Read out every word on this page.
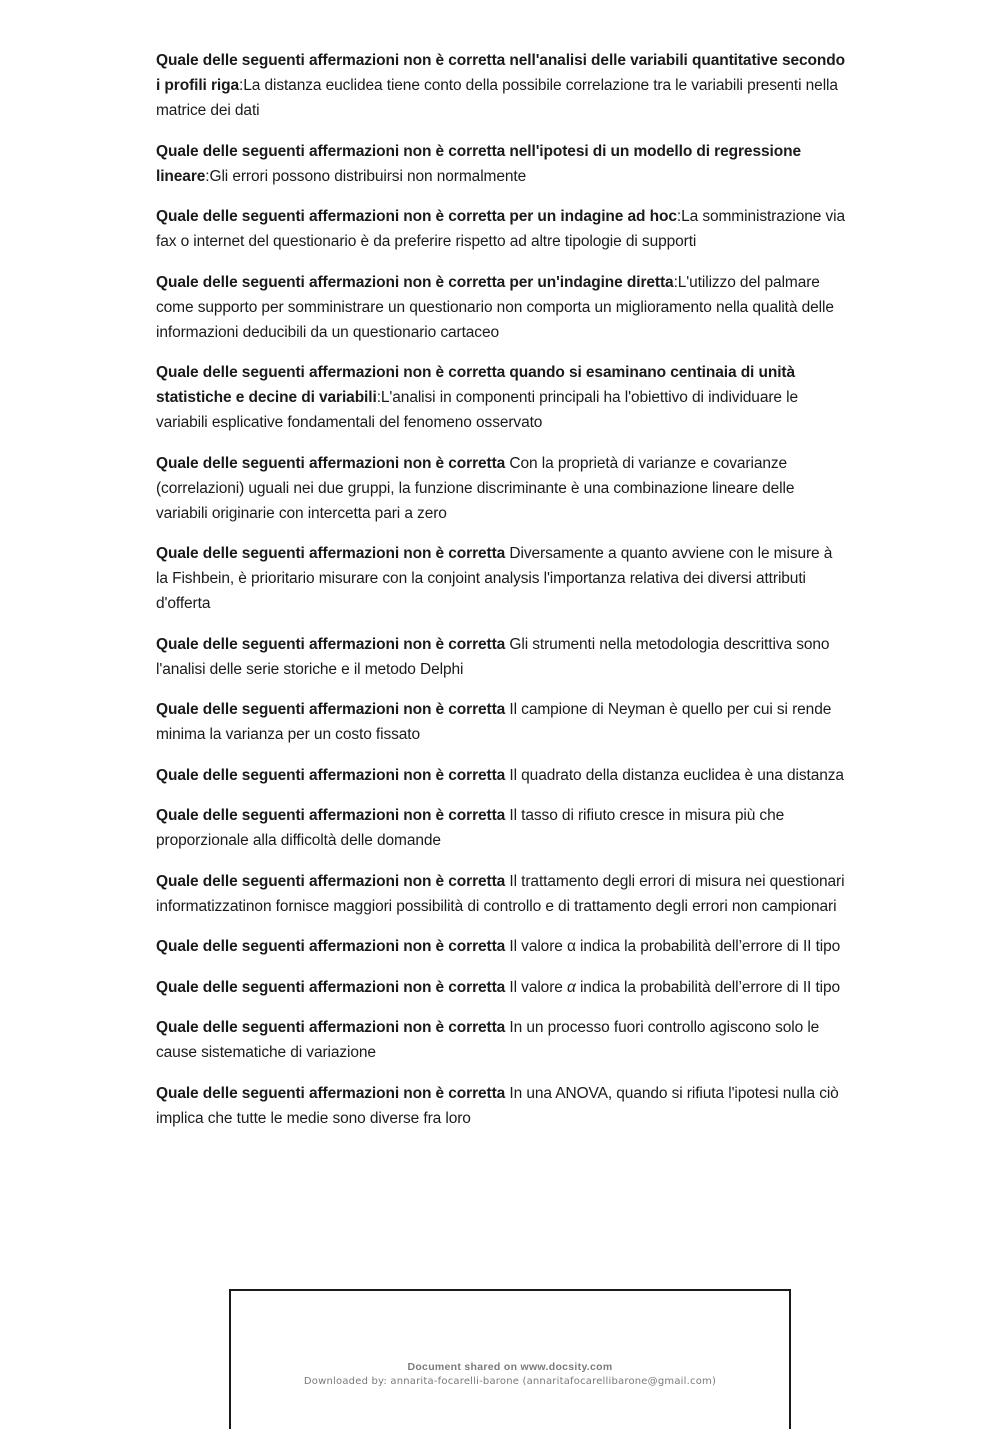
Quale delle seguenti affermazioni non è corretta nell'analisi delle variabili quantitative secondo i profili riga:La distanza euclidea tiene conto della possibile correlazione tra le variabili presenti nella matrice dei dati

Quale delle seguenti affermazioni non è corretta nell'ipotesi di un modello di regressione lineare:Gli errori possono distribuirsi non normalmente

Quale delle seguenti affermazioni non è corretta per un indagine ad hoc:La somministrazione via fax o internet del questionario è da preferire rispetto ad altre tipologie di supporti

Quale delle seguenti affermazioni non è corretta per un'indagine diretta:L'utilizzo del palmare come supporto per somministrare un questionario non comporta un miglioramento nella qualità delle informazioni deducibili da un questionario cartaceo

Quale delle seguenti affermazioni non è corretta quando si esaminano centinaia di unità statistiche e decine di variabili:L'analisi in componenti principali ha l'obiettivo di individuare le variabili esplicative fondamentali del fenomeno osservato

Quale delle seguenti affermazioni non è corretta Con la proprietà di varianze e covarianze (correlazioni) uguali nei due gruppi, la funzione discriminante è una combinazione lineare delle variabili originarie con intercetta pari a zero

Quale delle seguenti affermazioni non è corretta Diversamente a quanto avviene con le misure à la Fishbein, è prioritario misurare con la conjoint analysis l'importanza relativa dei diversi attributi d'offerta

Quale delle seguenti affermazioni non è corretta Gli strumenti nella metodologia descrittiva sono l'analisi delle serie storiche e il metodo Delphi

Quale delle seguenti affermazioni non è corretta Il campione di Neyman è quello per cui si rende minima la varianza per un costo fissato

Quale delle seguenti affermazioni non è corretta Il quadrato della distanza euclidea è una distanza

Quale delle seguenti affermazioni non è corretta Il tasso di rifiuto cresce in misura più che proporzionale alla difficoltà delle domande

Quale delle seguenti affermazioni non è corretta Il trattamento degli errori di misura nei questionari informatizzatinon fornisce maggiori possibilità di controllo e di trattamento degli errori non campionari

Quale delle seguenti affermazioni non è corretta Il valore α indica la probabilità dell’errore di II tipo

Quale delle seguenti affermazioni non è corretta Il valore α indica la probabilità dell’errore di II tipo

Quale delle seguenti affermazioni non è corretta In un processo fuori controllo agiscono solo le cause sistematiche di variazione

Quale delle seguenti affermazioni non è corretta In una ANOVA, quando si rifiuta l'ipotesi nulla ciò implica che tutte le medie sono diverse fra loro

Document shared on www.docsity.com
Downloaded by: annarita-focarelli-barone (annaritafocarellibarone@gmail.com)
